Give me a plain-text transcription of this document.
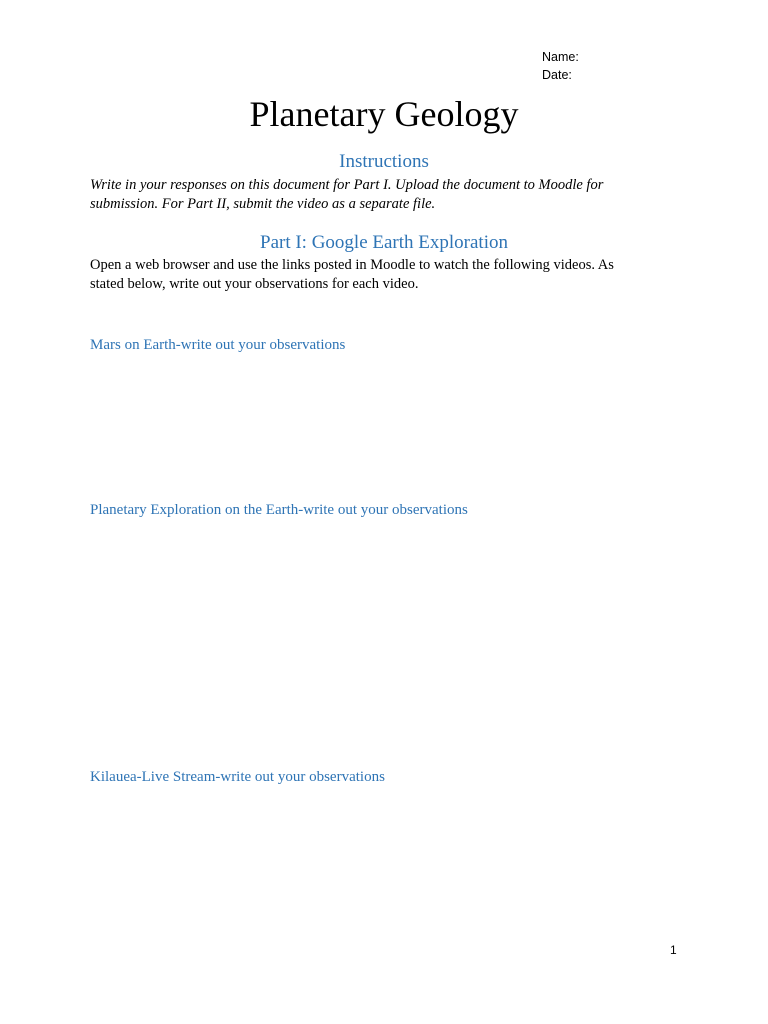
Name:
Date:
Planetary Geology
Instructions
Write in your responses on this document for Part I. Upload the document to Moodle for submission. For Part II, submit the video as a separate file.
Part I: Google Earth Exploration
Open a web browser and use the links posted in Moodle to watch the following videos. As stated below, write out your observations for each video.
Mars on Earth-write out your observations
Planetary Exploration on the Earth-write out your observations
Kilauea-Live Stream-write out your observations
1
